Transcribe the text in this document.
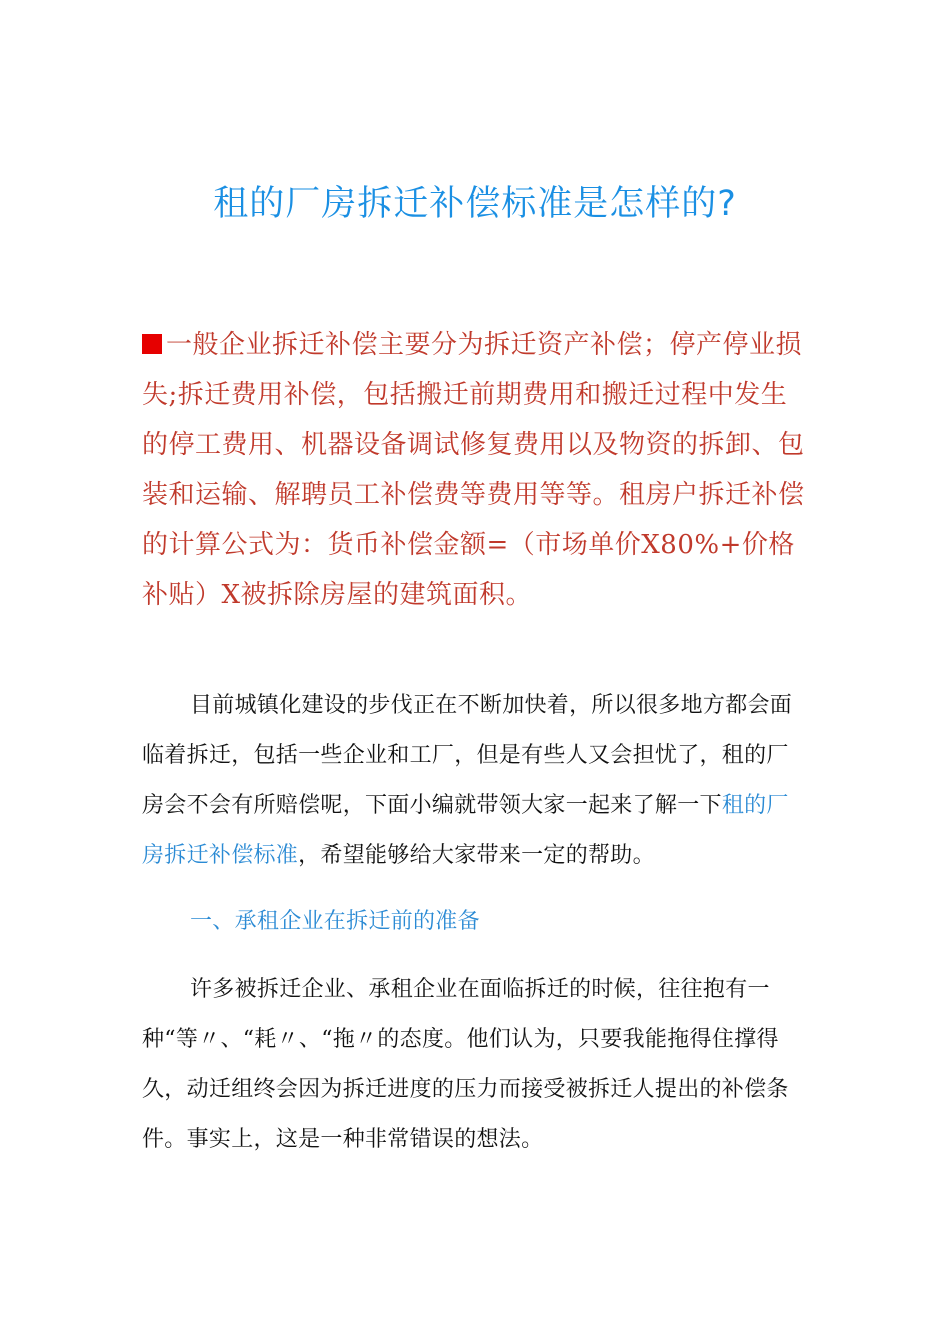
租的厂房拆迁补偿标准是怎样的?

一般企业拆迁补偿主要分为拆迁资产补偿；停产停业损失;拆迁费用补偿，包括搬迁前期费用和搬迁过程中发生的停工费用、机器设备调试修复费用以及物资的拆卸、包装和运输、解聘员工补偿费等费用等等。租房户拆迁补偿的计算公式为：货币补偿金额=（市场单价X80%+价格补贴）X被拆除房屋的建筑面积。

目前城镇化建设的步伐正在不断加快着，所以很多地方都会面临着拆迁，包括一些企业和工厂，但是有些人又会担忧了，租的厂房会不会有所赔偿呢，下面小编就带领大家一起来了解一下租的厂房拆迁补偿标准，希望能够给大家带来一定的帮助。

一、承租企业在拆迁前的准备

许多被拆迁企业、承租企业在面临拆迁的时候，往往抱有一种“等〃、“耗〃、“拖〃的态度。他们认为，只要我能拖得住撑得久，动迁组终会因为拆迁进度的压力而接受被拆迁人提出的补偿条件。事实上，这是一种非常错误的想法。
